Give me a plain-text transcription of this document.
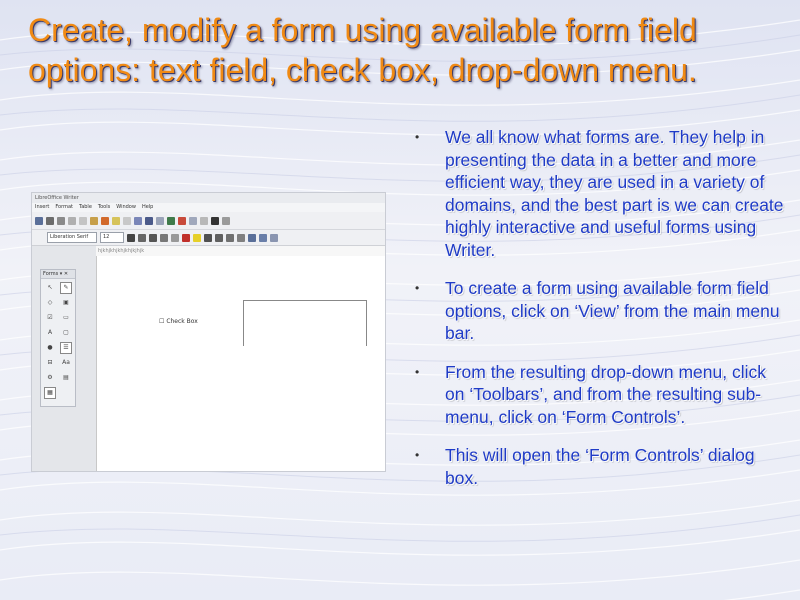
Create, modify a form using available form field options: text field, check box, drop-down menu.
LibreOffice Writer
Insert Format Table Tools Window Help
Liberation Serif	12
hjkhjkhjkhjkhjkjhjk
Forms ▾ ✕
↖	✎
◇	▣
☑	▭
A	▢
●	☰
⊟	Aa
⚙	▤
▦
☐ Check Box
• We all know what forms are. They help in presenting the data in a better and more efficient way, they are used in a variety of domains, and the best part is we can create highly interactive and useful forms using Writer.
• To create a form using available form field options, click on ‘View’ from the main menu bar.
• From the resulting drop-down menu, click on ‘Toolbars’, and from the resulting sub-menu, click on ‘Form Controls’.
• This will open the ‘Form Controls’ dialog box.
